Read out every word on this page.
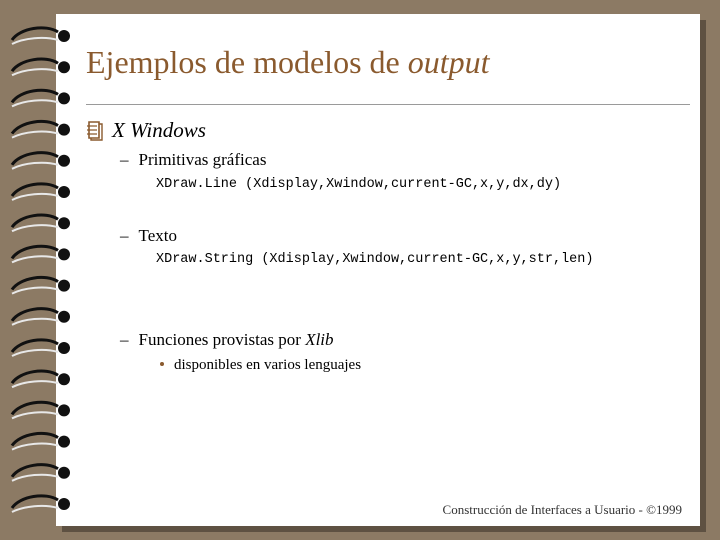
Ejemplos de modelos de output
X Windows
– Primitivas gráficas
XDraw.Line (Xdisplay,Xwindow,current-GC,x,y,dx,dy)
– Texto
XDraw.String (Xdisplay,Xwindow,current-GC,x,y,str,len)
– Funciones provistas por Xlib
disponibles en varios lenguajes
Construcción de Interfaces a Usuario - ©1999
